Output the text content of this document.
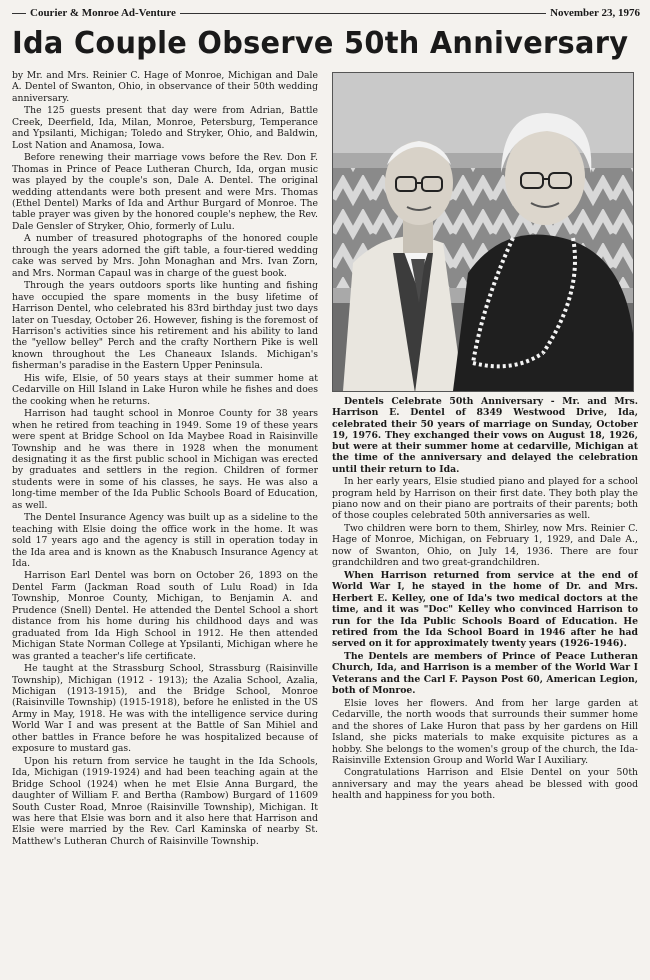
Courier & Monroe Ad-Venture	November 23, 1976
Ida Couple Observe 50th Anniversary

by Mr. and Mrs. Reinier C. Hage of Monroe, Michigan and Dale A. Dentel of Swanton, Ohio, in observance of their 50th wedding anniversary.

The 125 guests present that day were from Adrian, Battle Creek, Deerfield, Ida, Milan, Monroe, Petersburg, Temperance and Ypsilanti, Michigan; Toledo and Stryker, Ohio, and Baldwin, Lost Nation and Anamosa, Iowa.

Before renewing their marriage vows before the Rev. Don F. Thomas in Prince of Peace Lutheran Church, Ida, organ music was played by the couple's son, Dale A. Dentel. The original wedding attendants were both present and were Mrs. Thomas (Ethel Dentel) Marks of Ida and Arthur Burgard of Monroe. The table prayer was given by the honored couple's nephew, the Rev. Dale Gensler of Stryker, Ohio, formerly of Lulu.

A number of treasured photographs of the honored couple through the years adorned the gift table, a four-tiered wedding cake was served by Mrs. John Monaghan and Mrs. Ivan Zorn, and Mrs. Norman Capaul was in charge of the guest book.

Through the years outdoors sports like hunting and fishing have occupied the spare moments in the busy lifetime of Harrison Dentel, who celebrated his 83rd birthday just two days later on Tuesday, October 26. However, fishing is the foremost of Harrison's activities since his retirement and his ability to land the "yellow belley" Perch and the crafty Northern Pike is well known throughout the Les Chaneaux Islands. Michigan's fisherman's paradise in the Eastern Upper Peninsula.

His wife, Elsie, of 50 years stays at their summer home at Cedarville on Hill Island in Lake Huron while he fishes and does the cooking when he returns.

Harrison had taught school in Monroe County for 38 years when he retired from teaching in 1949. Some 19 of these years were spent at Bridge School on Ida Maybee Road in Raisinville Township and he was there in 1928 when the monument designating it as the first public school in Michigan was erected by graduates and settlers in the region. Children of former students were in some of his classes, he says. He was also a long-time member of the Ida Public Schools Board of Education, as well.

The Dentel Insurance Agency was built up as a sideline to the teaching with Elsie doing the office work in the home. It was sold 17 years ago and the agency is still in operation today in the Ida area and is known as the Knabusch Insurance Agency at Ida.

Harrison Earl Dentel was born on October 26, 1893 on the Dentel Farm (Jackman Road south of Lulu Road) in Ida Township, Monroe County, Michigan, to Benjamin A. and Prudence (Snell) Dentel. He attended the Dentel School a short distance from his home during his childhood days and was graduated from Ida High School in 1912. He then attended Michigan State Norman College at Ypsilanti, Michigan where he was granted a teacher's life certificate.

He taught at the Strassburg School, Strassburg (Raisinville Township), Michigan (1912 - 1913); the Azalia School, Azalia, Michigan (1913-1915), and the Bridge School, Monroe (Raisinville Township) (1915-1918), before he enlisted in the US Army in May, 1918. He was with the intelligence service during World War I and was present at the Battle of San Mihiel and other battles in France before he was hospitalized because of exposure to mustard gas.

Upon his return from service he taught in the Ida Schools, Ida, Michigan (1919-1924) and had been teaching again at the Bridge School (1924) when he met Elsie Anna Burgard, the daughter of William F. and Bertha (Rambow) Burgard of 11609 South Custer Road, Mnroe (Raisinville Township), Michigan. It was here that Elsie was born and it also here that Harrison and Elsie were married by the Rev. Carl Kaminska of nearby St. Matthew's Lutheran Church of Raisinville Township.

Dentels Celebrate 50th Anniversary - Mr. and Mrs. Harrison E. Dentel of 8349 Westwood Drive, Ida, celebrated their 50 years of marriage on Sunday, October 19, 1976. They exchanged their vows on August 18, 1926, but were at their summer home at cedarville, Michigan at the time of the anniversary and delayed the celebration until their return to Ida.

In her early years, Elsie studied piano and played for a school program held by Harrison on their first date. They both play the piano now and on their piano are portraits of their parents; both of those couples celebrated 50th anniversaries as well.

Two children were born to them, Shirley, now Mrs. Reinier C. Hage of Monroe, Michigan, on February 1, 1929, and Dale A., now of Swanton, Ohio, on July 14, 1936. There are four grandchildren and two great-grandchildren.

When Harrison returned from service at the end of World War I, he stayed in the home of Dr. and Mrs. Herbert E. Kelley, one of Ida's two medical doctors at the time, and it was "Doc" Kelley who convinced Harrison to run for the Ida Public Schools Board of Education. He retired from the Ida School Board in 1946 after he had served on it for approximately twenty years (1926-1946).

The Dentels are members of Prince of Peace Lutheran Church, Ida, and Harrison is a member of the World War I Veterans and the Carl F. Payson Post 60, American Legion, both of Monroe.

Elsie loves her flowers. And from her large garden at Cedarville, the north woods that surrounds their summer home and the shores of Lake Huron that pass by her gardens on Hill Island, she picks materials to make exquisite pictures as a hobby. She belongs to the women's group of the church, the Ida-Raisinville Extension Group and World War I Auxiliary.

Congratulations Harrison and Elsie Dentel on your 50th anniversary and may the years ahead be blessed with good health and happiness for you both.
